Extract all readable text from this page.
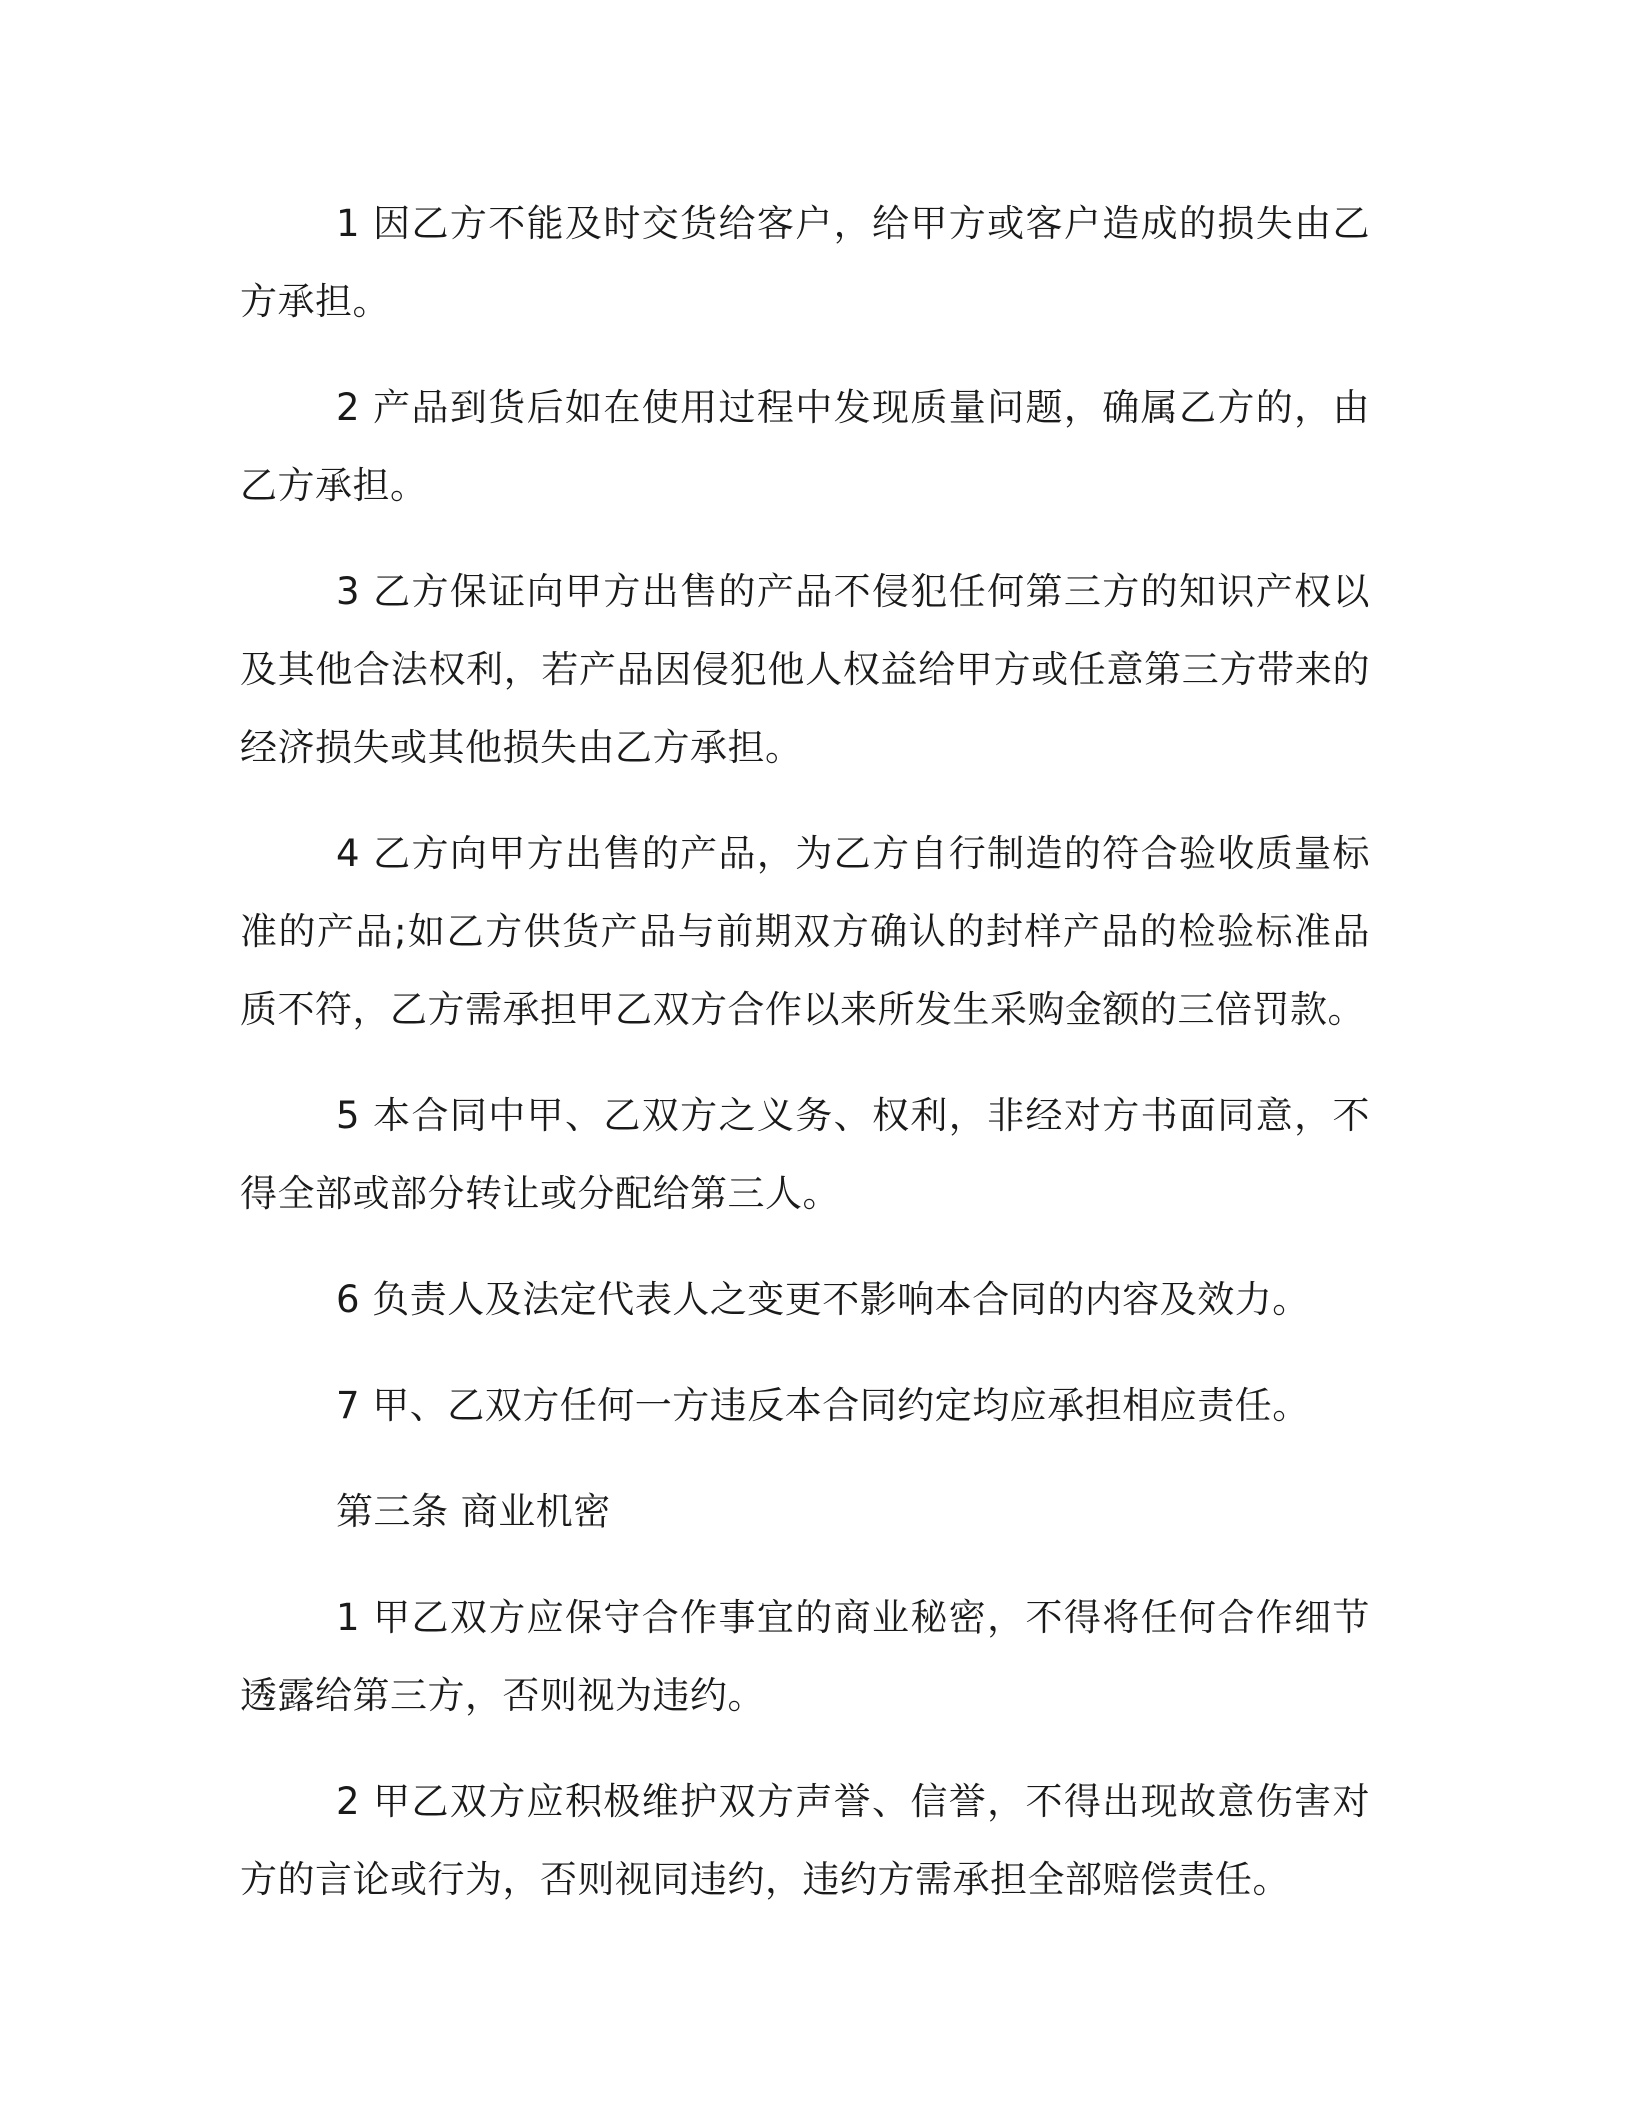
1 因乙方不能及时交货给客户，给甲方或客户造成的损失由乙方承担。

2 产品到货后如在使用过程中发现质量问题，确属乙方的，由乙方承担。

3 乙方保证向甲方出售的产品不侵犯任何第三方的知识产权以及其他合法权利，若产品因侵犯他人权益给甲方或任意第三方带来的经济损失或其他损失由乙方承担。

4 乙方向甲方出售的产品，为乙方自行制造的符合验收质量标准的产品;如乙方供货产品与前期双方确认的封样产品的检验标准品质不符，乙方需承担甲乙双方合作以来所发生采购金额的三倍罚款。

5 本合同中甲、乙双方之义务、权利，非经对方书面同意，不得全部或部分转让或分配给第三人。

6 负责人及法定代表人之变更不影响本合同的内容及效力。

7 甲、乙双方任何一方违反本合同约定均应承担相应责任。

第三条 商业机密

1 甲乙双方应保守合作事宜的商业秘密，不得将任何合作细节透露给第三方，否则视为违约。

2 甲乙双方应积极维护双方声誉、信誉，不得出现故意伤害对方的言论或行为，否则视同违约，违约方需承担全部赔偿责任。
